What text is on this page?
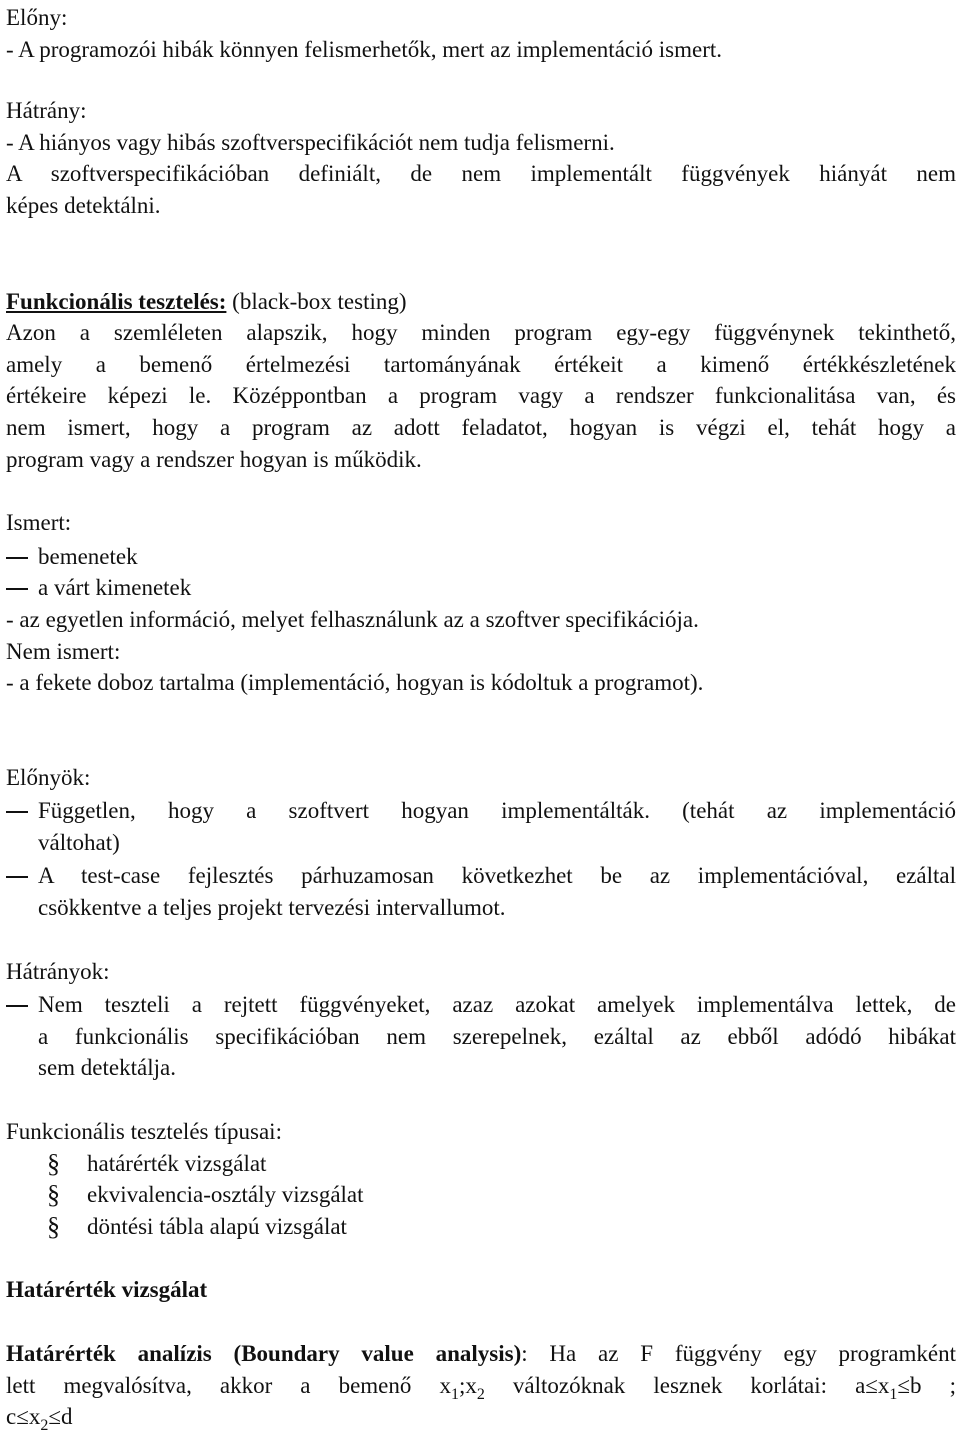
Előny:
- A programozói hibák könnyen felismerhetők, mert az implementáció ismert.
Hátrány:
- A hiányos vagy hibás szoftverspecifikációt nem tudja felismerni.
A szoftverspecifikációban definiált, de nem implementált függvények hiányát nem
képes detektálni.
Funkcionális tesztelés: (black-box testing)
Azon a szemléleten alapszik, hogy minden program egy-egy függvénynek tekinthető,
amely a bemenő értelmezési tartományának értékeit a kimenő értékkészletének
értékeire képezi le. Középpontban a program vagy a rendszer funkcionalitása van, és
nem ismert, hogy a program az adott feladatot, hogyan is végzi el, tehát hogy a
program vagy a rendszer hogyan is működik.
Ismert:
bemenetek
a várt kimenetek
- az egyetlen információ, melyet felhasználunk az a szoftver specifikációja.
Nem ismert:
- a fekete doboz tartalma (implementáció, hogyan is kódoltuk a programot).
Előnyök:
Független, hogy a szoftvert hogyan implementálták. (tehát az implementáció
váltohat)
A test-case fejlesztés párhuzamosan következhet be az implementációval, ezáltal
csökkentve a teljes projekt tervezési intervallumot.
Hátrányok:
Nem teszteli a rejtett függvényeket, azaz azokat amelyek implementálva lettek, de
a funkcionális specifikációban nem szerepelnek, ezáltal az ebből adódó hibákat
sem detektálja.
Funkcionális tesztelés típusai:
§ határérték vizsgálat
§ ekvivalencia-osztály vizsgálat
§ döntési tábla alapú vizsgálat
Határérték vizsgálat
Határérték analízis (Boundary value analysis): Ha az F függvény egy programként
lett megvalósítva, akkor a bemenő $x_1;x_2$ változóknak lesznek korlátai: $a\le x_1\le b$ ;
$c\le x_2\le d$
